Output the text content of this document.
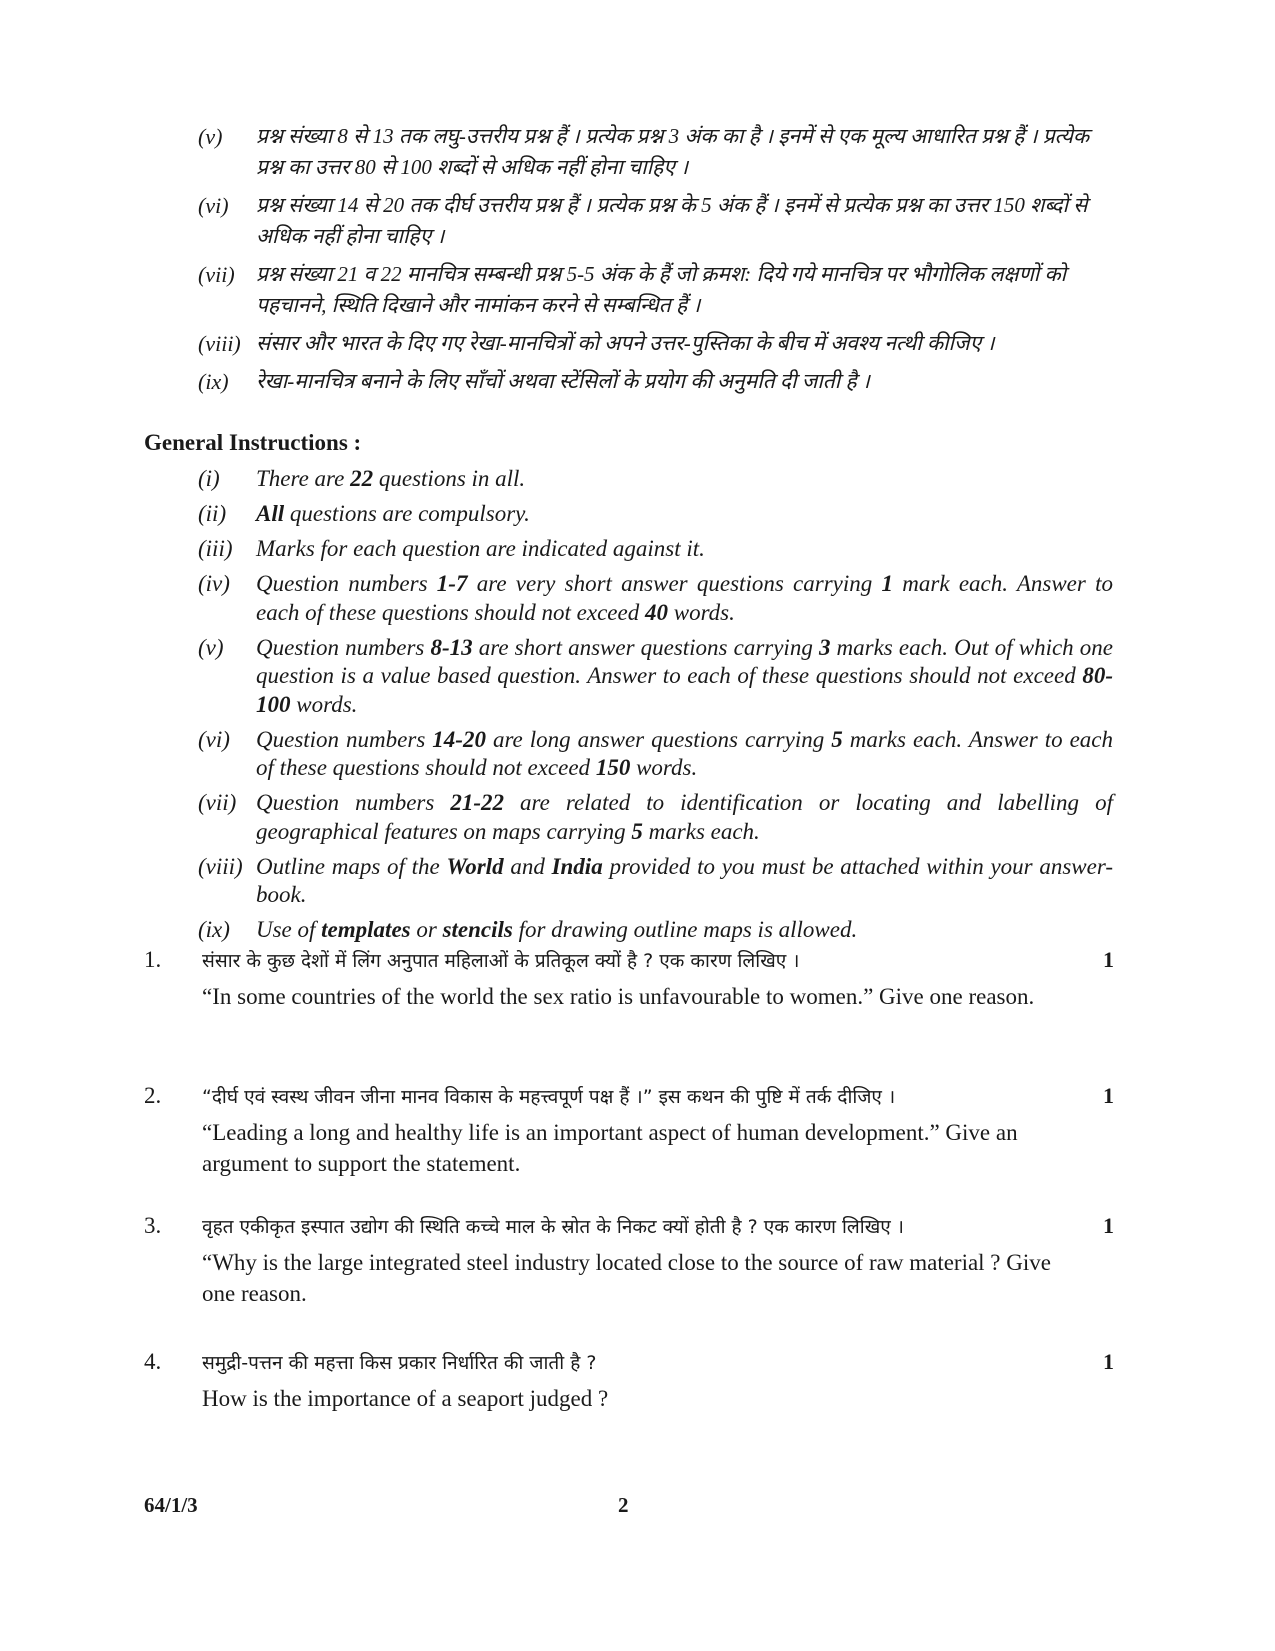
(v) प्रश्न संख्या 8 से 13 तक लघु-उत्तरीय प्रश्न हैं । प्रत्येक प्रश्न 3 अंक का है । इनमें से एक मूल्य आधारित प्रश्न हैं । प्रत्येक प्रश्न का उत्तर 80 से 100 शब्दों से अधिक नहीं होना चाहिए ।
(vi) प्रश्न संख्या 14 से 20 तक दीर्घ उत्तरीय प्रश्न हैं । प्रत्येक प्रश्न के 5 अंक हैं । इनमें से प्रत्येक प्रश्न का उत्तर 150 शब्दों से अधिक नहीं होना चाहिए ।
(vii) प्रश्न संख्या 21 व 22 मानचित्र सम्बन्धी प्रश्न 5-5 अंक के हैं जो क्रमश: दिये गये मानचित्र पर भौगोलिक लक्षणों को पहचानने, स्थिति दिखाने और नामांकन करने से सम्बन्धित हैं ।
(viii) संसार और भारत के दिए गए रेखा-मानचित्रों को अपने उत्तर-पुस्तिका के बीच में अवश्य नत्थी कीजिए ।
(ix) रेखा-मानचित्र बनाने के लिए साँचों अथवा स्टेंसिलों के प्रयोग की अनुमति दी जाती है ।
General Instructions :
(i) There are 22 questions in all.
(ii) All questions are compulsory.
(iii) Marks for each question are indicated against it.
(iv) Question numbers 1-7 are very short answer questions carrying 1 mark each. Answer to each of these questions should not exceed 40 words.
(v) Question numbers 8-13 are short answer questions carrying 3 marks each. Out of which one question is a value based question. Answer to each of these questions should not exceed 80-100 words.
(vi) Question numbers 14-20 are long answer questions carrying 5 marks each. Answer to each of these questions should not exceed 150 words.
(vii) Question numbers 21-22 are related to identification or locating and labelling of geographical features on maps carrying 5 marks each.
(viii) Outline maps of the World and India provided to you must be attached within your answer-book.
(ix) Use of templates or stencils for drawing outline maps is allowed.
1. संसार के कुछ देशों में लिंग अनुपात महिलाओं के प्रतिकूल क्यों है ? एक कारण लिखिए ।	1
“In some countries of the world the sex ratio is unfavourable to women.” Give one reason.
2. “दीर्घ एवं स्वस्थ जीवन जीना मानव विकास के महत्त्वपूर्ण पक्ष हैं ।” इस कथन की पुष्टि में तर्क दीजिए ।	1
“Leading a long and healthy life is an important aspect of human development.” Give an argument to support the statement.
3. वृहत एकीकृत इस्पात उद्योग की स्थिति कच्चे माल के स्रोत के निकट क्यों होती है ? एक कारण लिखिए ।	1
“Why is the large integrated steel industry located close to the source of raw material ? Give one reason.
4. समुद्री-पत्तन की महत्ता किस प्रकार निर्धारित की जाती है ?	1
How is the importance of a seaport judged ?
64/1/3	2
